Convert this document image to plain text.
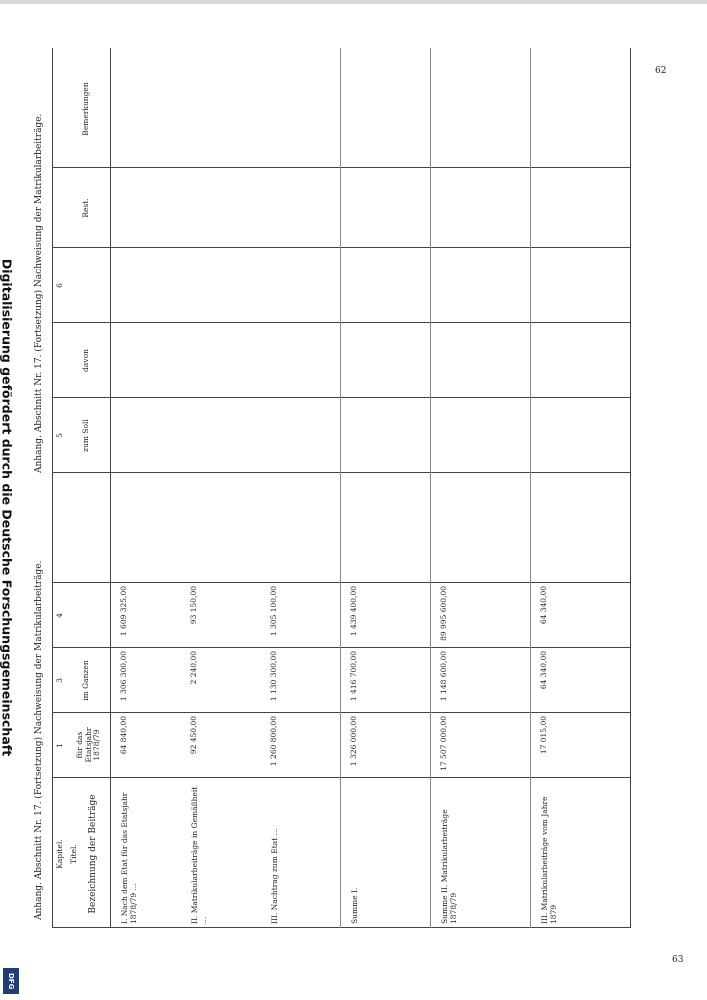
62
63
Anhang. Abschnitt Nr. 17. (Fortsetzung) Nachweisung der Matrikularbeiträge.
Anhang. Abschnitt Nr. 17. (Fortsetzung) Nachweisung der Matrikularbeiträge.
Kapitel. Titel. Bezeichnung der Beiträge
1 für das Etatsjahr 1878/79
3 im Ganzen
4
5 zum Soll
davon
6
Rest.
Bemerkungen
I. Nach dem Etat für das Etatsjahr 1878/79 ...
64 840,00
1 306 300,00
1 609 325,00
II. Matrikularbeiträge in Gemäßheit ...
92 450,00
2 240,00
93 150,00
III. Nachtrag zum Etat ...
1 260 800,00
1 130 300,00
1 305 100,00
Summe I.
1 326 000,00
1 416 700,00
1 439 400,00
Summe II. Matrikularbeiträge 1878/79
17 507 000,00
1 148 600,00
89 995 600,00
III. Matrikularbeiträge vom Jahre 1879
17 015,00
64 340,00
64 340,00
Digitalisierung gefördert durch die Deutsche Forschungsgemeinschaft
DFG
